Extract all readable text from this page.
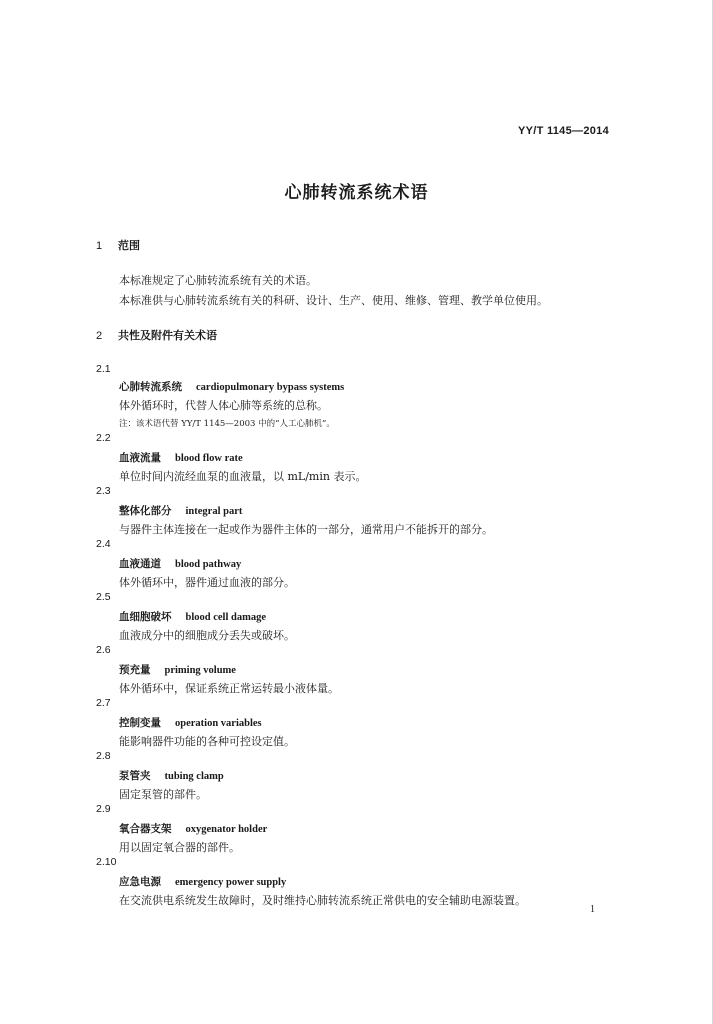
YY/T 1145—2014
心肺转流系统术语
1 范围
本标准规定了心肺转流系统有关的术语。
本标准供与心肺转流系统有关的科研、设计、生产、使用、维修、管理、教学单位使用。
2 共性及附件有关术语
2.1
心肺转流系统 cardiopulmonary bypass systems
体外循环时，代替人体心肺等系统的总称。
注：该术语代替 YY/T 1145—2003 中的“人工心肺机”。
2.2
血液流量 blood flow rate
单位时间内流经血泵的血液量，以 mL/min 表示。
2.3
整体化部分 integral part
与器件主体连接在一起或作为器件主体的一部分，通常用户不能拆开的部分。
2.4
血液通道 blood pathway
体外循环中，器件通过血液的部分。
2.5
血细胞破坏 blood cell damage
血液成分中的细胞成分丢失或破坏。
2.6
预充量 priming volume
体外循环中，保证系统正常运转最小液体量。
2.7
控制变量 operation variables
能影响器件功能的各种可控设定值。
2.8
泵管夹 tubing clamp
固定泵管的部件。
2.9
氧合器支架 oxygenator holder
用以固定氧合器的部件。
2.10
应急电源 emergency power supply
在交流供电系统发生故障时，及时维持心肺转流系统正常供电的安全辅助电源装置。
1
